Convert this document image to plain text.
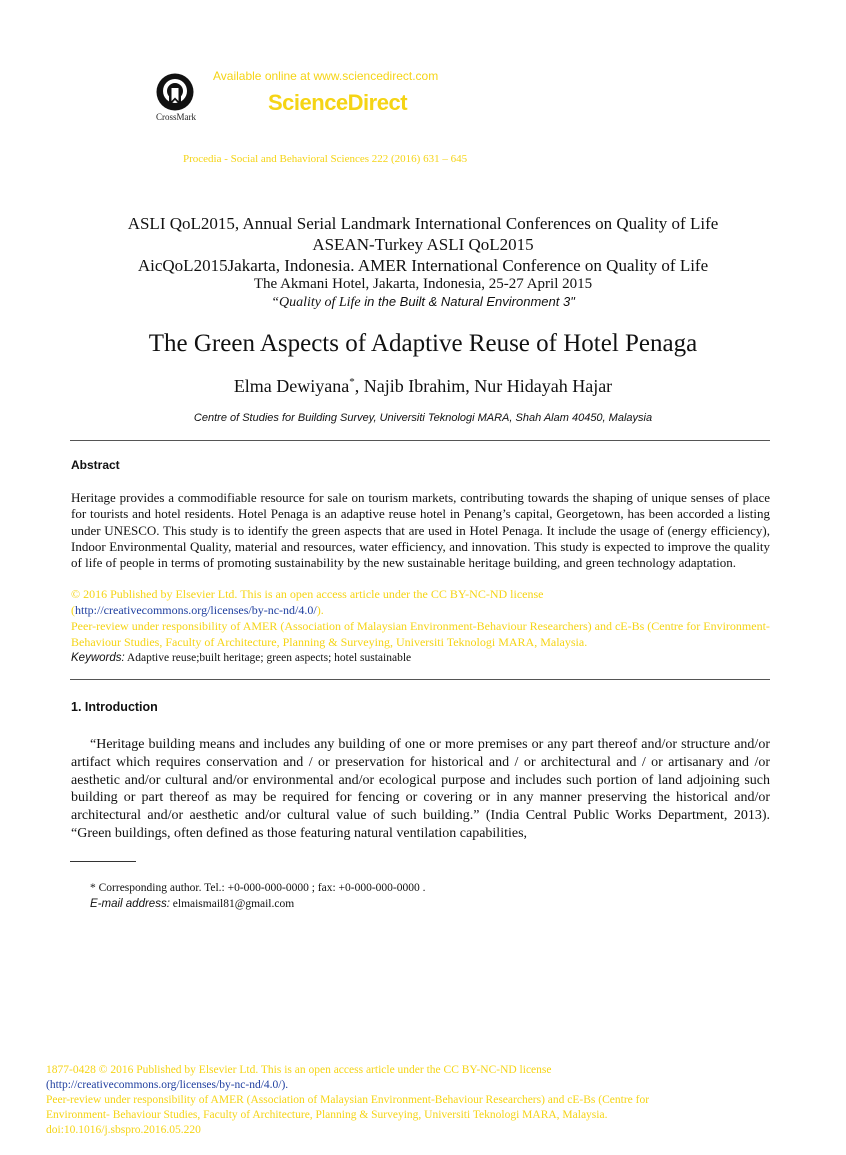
CrossMark
Available online at www.sciencedirect.com
ScienceDirect
Procedia - Social and Behavioral Sciences 222 (2016) 631 – 645
ASLI QoL2015, Annual Serial Landmark International Conferences on Quality of Life
ASEAN-Turkey ASLI QoL2015
AicQoL2015Jakarta, Indonesia. AMER International Conference on Quality of Life
The Akmani Hotel, Jakarta, Indonesia, 25-27 April 2015
“Quality of Life in the Built & Natural Environment 3"
The Green Aspects of Adaptive Reuse of Hotel Penaga
Elma Dewiyana*, Najib Ibrahim, Nur Hidayah Hajar
Centre of Studies for Building Survey, Universiti Teknologi MARA, Shah Alam 40450, Malaysia
Abstract
Heritage provides a commodifiable resource for sale on tourism markets, contributing towards the shaping of unique senses of place for tourists and hotel residents. Hotel Penaga is an adaptive reuse hotel in Penang’s capital, Georgetown, has been accorded a listing under UNESCO. This study is to identify the green aspects that are used in Hotel Penaga. It include the usage of (energy efficiency), Indoor Environmental Quality, material and resources, water efficiency, and innovation. This study is expected to improve the quality of life of people in terms of promoting sustainability by the new sustainable heritage building, and green technology adaptation.
© 2016 Published by Elsevier Ltd. This is an open access article under the CC BY-NC-ND license
(http://creativecommons.org/licenses/by-nc-nd/4.0/).
Peer-review under responsibility of AMER (Association of Malaysian Environment-Behaviour Researchers) and cE-Bs (Centre for Environment- Behaviour Studies, Faculty of Architecture, Planning & Surveying, Universiti Teknologi MARA, Malaysia.
Keywords: Adaptive reuse;built heritage; green aspects; hotel sustainable
1. Introduction
“Heritage building means and includes any building of one or more premises or any part thereof and/or structure and/or artifact which requires conservation and / or preservation for historical and / or architectural and / or artisanary and /or aesthetic and/or cultural and/or environmental and/or ecological purpose and includes such portion of land adjoining such building or part thereof as may be required for fencing or covering or in any manner preserving the historical and/or architectural and/or aesthetic and/or cultural value of such building.” (India Central Public Works Department, 2013). “Green buildings, often defined as those featuring natural ventilation capabilities,
* Corresponding author. Tel.: +0-000-000-0000 ; fax: +0-000-000-0000 .
E-mail address: elmaismail81@gmail.com
1877-0428 © 2016 Published by Elsevier Ltd. This is an open access article under the CC BY-NC-ND license
(http://creativecommons.org/licenses/by-nc-nd/4.0/).
Peer-review under responsibility of AMER (Association of Malaysian Environment-Behaviour Researchers) and cE-Bs (Centre for
Environment- Behaviour Studies, Faculty of Architecture, Planning & Surveying, Universiti Teknologi MARA, Malaysia.
doi:10.1016/j.sbspro.2016.05.220
